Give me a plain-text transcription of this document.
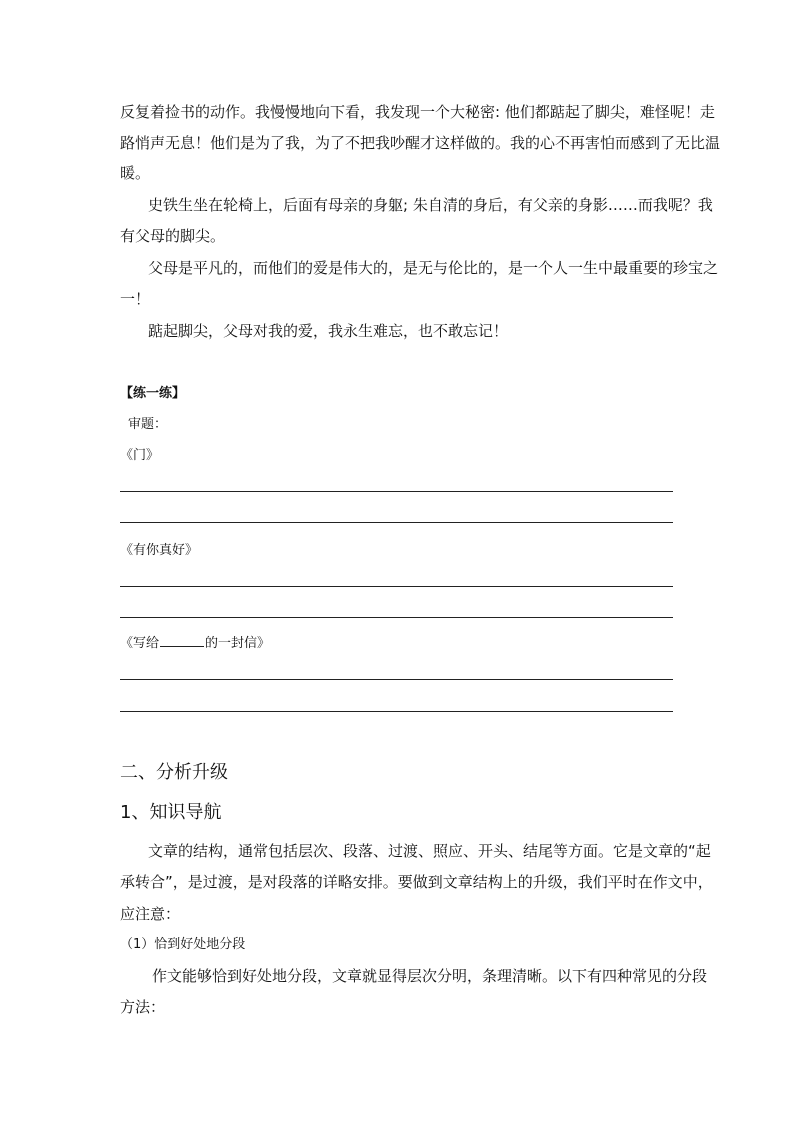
反复着捡书的动作。我慢慢地向下看，我发现一个大秘密: 他们都踮起了脚尖，难怪呢！走
路悄声无息！他们是为了我，为了不把我吵醒才这样做的。我的心不再害怕而感到了无比温
暖。
史铁生坐在轮椅上，后面有母亲的身躯; 朱自清的身后，有父亲的身影……而我呢？我
有父母的脚尖。
父母是平凡的，而他们的爱是伟大的，是无与伦比的，是一个人一生中最重要的珍宝之
一！
踮起脚尖，父母对我的爱，我永生难忘，也不敢忘记！
【练一练】
审题：
《门》
《有你真好》
《写给	的一封信》
二、分析升级
1、知识导航
文章的结构，通常包括层次、段落、过渡、照应、开头、结尾等方面。它是文章的“起
承转合”，是过渡，是对段落的详略安排。要做到文章结构上的升级，我们平时在作文中，
应注意：
（1）恰到好处地分段
作文能够恰到好处地分段，文章就显得层次分明，条理清晰。以下有四种常见的分段
方法：
